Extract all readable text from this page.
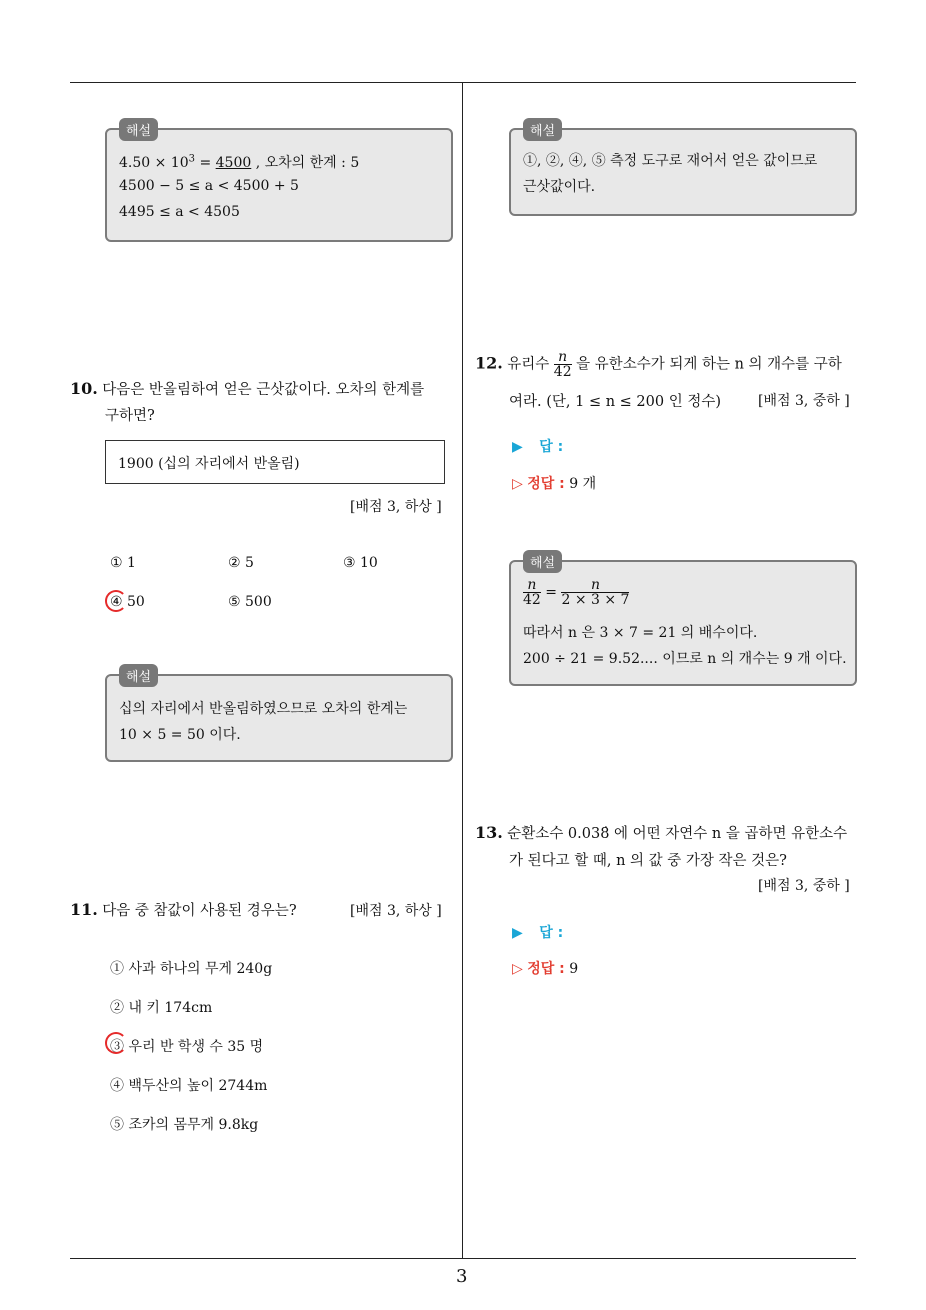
3
해설
$4.50 \times 10^3 = 4500$ , 오차의 한계 : 5
4500 − 5 ≤ a < 4500 + 5
4495 ≤ a < 4505
10. 다음은 반올림하여 얻은 근삿값이다. 오차의 한계를
구하면?
1900 (십의 자리에서 반올림)
[배점 3, 하상 ]
① 1	② 5	③ 10
④ 50	⑤ 500
해설
십의 자리에서 반올림하였으므로 오차의 한계는
10 × 5 = 50 이다.
11. 다음 중 참값이 사용된 경우는?	[배점 3, 하상 ]
① 사과 하나의 무게 240g
② 내 키 174cm
③ 우리 반 학생 수 35 명
④ 백두산의 높이 2744m
⑤ 조카의 몸무게 9.8kg
해설
①, ②, ④, ⑤ 측정 도구로 재어서 얻은 값이므로
근삿값이다.
12. 유리수 $\frac{n}{42}$ 을 유한소수가 되게 하는 n 의 개수를 구하
여라. (단, 1 ≤ n ≤ 200 인 정수)	[배점 3, 중하 ]
▶ 답 :
▷ 정답 : 9 개
해설
$\frac{n}{42} = \frac{n}{2 \times 3 \times 7}$
따라서 n 은 3 × 7 = 21 의 배수이다.
200 ÷ 21 = 9.52.... 이므로 n 의 개수는 9 개 이다.
13. 순환소수 0.038̇ 에 어떤 자연수 n 을 곱하면 유한소수
가 된다고 할 때, n 의 값 중 가장 작은 것은?
[배점 3, 중하 ]
▶ 답 :
▷ 정답 : 9
